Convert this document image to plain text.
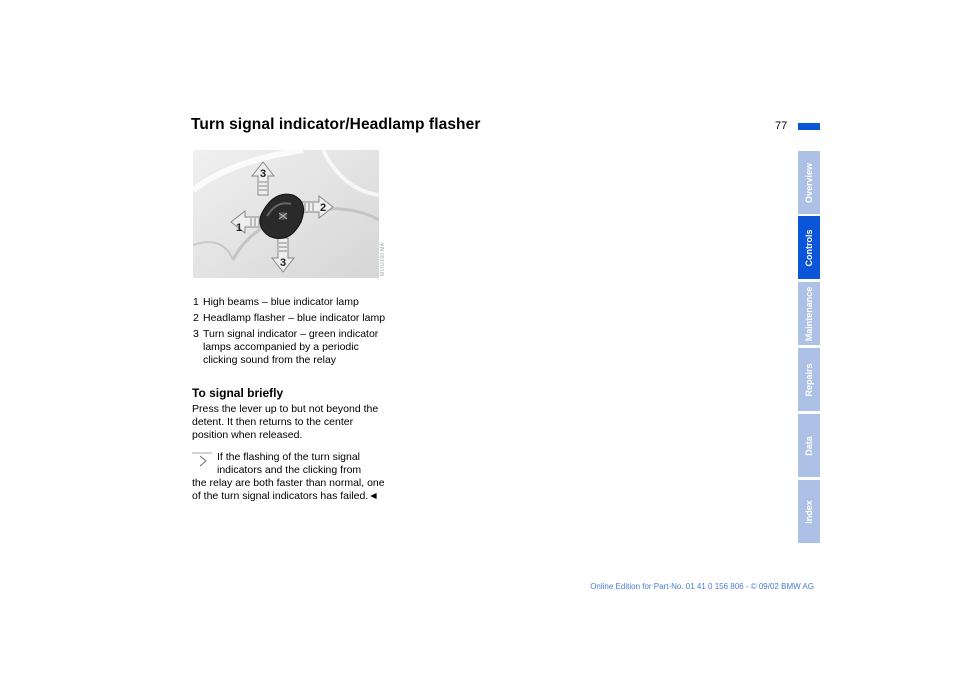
Turn signal indicator/Headlamp flasher	77
3
1
2
3	MV02160 MA
1 High beams – blue indicator lamp
2 Headlamp flasher – blue indicator lamp
3 Turn signal indicator – green indicator lamps accompanied by a periodic clicking sound from the relay
To signal briefly

Press the lever up to but not beyond the detent. It then returns to the center position when released.

If the flashing of the turn signal indicators and the clicking from

the relay are both faster than normal, one of the turn signal indicators has failed.◄

Overview
Controls
Maintenance
Repairs
Data
Index
Online Edition for Part-No. 01 41 0 156 806 - © 09/02 BMW AG
